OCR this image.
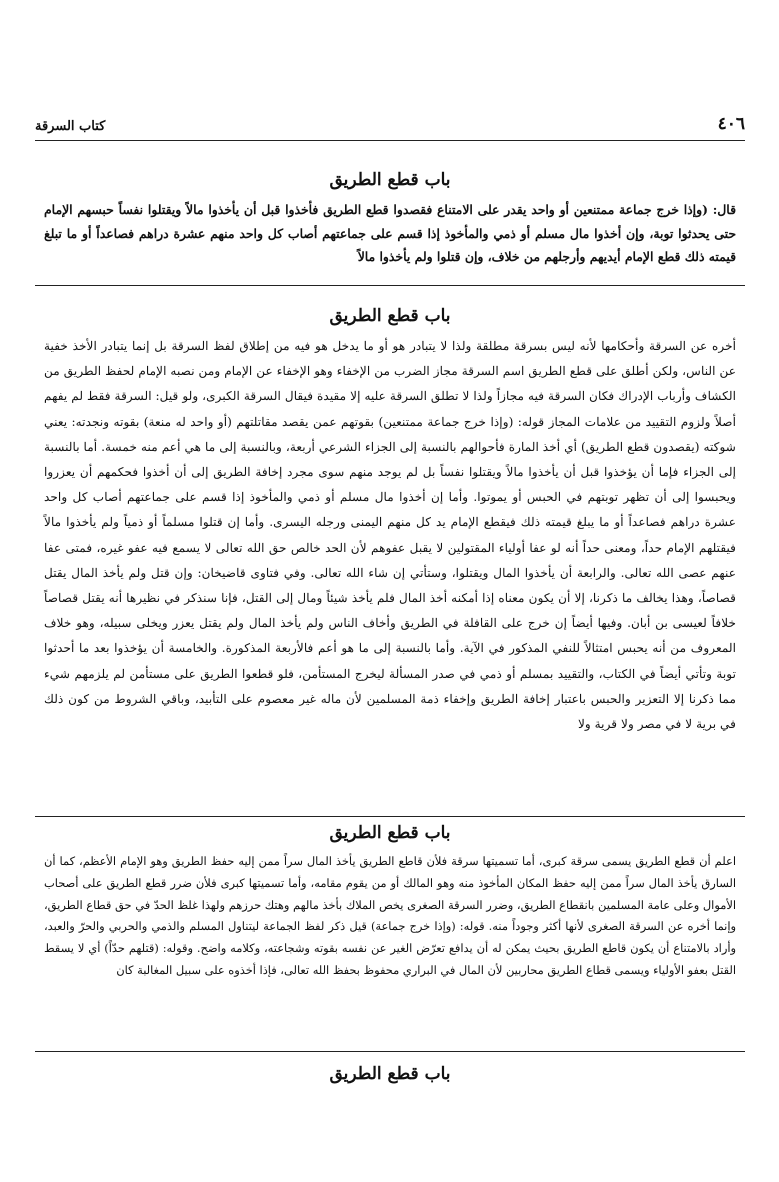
٤٠٦
كتاب السرقة
باب قطع الطريق

قال: (وإذا خرج جماعة ممتنعين أو واحد يقدر على الامتناع فقصدوا قطع الطريق فأخذوا قبل أن يأخذوا مالاً ويقتلوا نفساً حبسهم الإمام حتى يحدثوا توبة، وإن أخذوا مال مسلم أو ذمي والمأخوذ إذا قسم على جماعتهم أصاب كل واحد منهم عشرة دراهم فصاعداً أو ما تبلغ قيمته ذلك قطع الإمام أيديهم وأرجلهم من خلاف، وإن قتلوا ولم يأخذوا مالاً

باب قطع الطريق

أخره عن السرقة وأحكامها لأنه ليس بسرقة مطلقة ولذا لا يتبادر هو أو ما يدخل هو فيه من إطلاق لفظ السرقة بل إنما يتبادر الأخذ خفية عن الناس، ولكن أطلق على قطع الطريق اسم السرقة مجاز الضرب من الإخفاء وهو الإخفاء عن الإمام ومن نصبه الإمام لحفظ الطريق من الكشاف وأرباب الإدراك فكان السرقة فيه مجازاً ولذا لا تطلق السرقة عليه إلا مقيدة فيقال السرقة الكبرى، ولو قيل: السرقة فقط لم يفهم أصلاً ولزوم التقييد من علامات المجاز قوله: (وإذا خرج جماعة ممتنعين) بقوتهم عمن يقصد مقاتلتهم (أو واحد له منعة) بقوته ونجدته: يعني شوكته (يقصدون قطع الطريق) أي أخذ المارة فأحوالهم بالنسبة إلى الجزاء الشرعي أربعة، وبالنسبة إلى ما هي أعم منه خمسة. أما بالنسبة إلى الجزاء فإما أن يؤخذوا قبل أن يأخذوا مالاً ويقتلوا نفساً بل لم يوجد منهم سوى مجرد إخافة الطريق إلى أن أخذوا فحكمهم أن يعزروا ويحبسوا إلى أن تظهر توبتهم في الحبس أو يموتوا. وأما إن أخذوا مال مسلم أو ذمي والمأخوذ إذا قسم على جماعتهم أصاب كل واحد عشرة دراهم فصاعداً أو ما يبلغ قيمته ذلك فيقطع الإمام يد كل منهم اليمنى ورجله اليسرى. وأما إن قتلوا مسلماً أو ذمياً ولم يأخذوا مالاً فيقتلهم الإمام حداً، ومعنى حداً أنه لو عفا أولياء المقتولين لا يقبل عفوهم لأن الحد خالص حق الله تعالى لا يسمع فيه عفو غيره، فمتى عفا عنهم عصى الله تعالى. والرابعة أن يأخذوا المال ويقتلوا، وستأتي إن شاء الله تعالى. وفي فتاوى قاضيخان: وإن قتل ولم يأخذ المال يقتل قصاصاً، وهذا يخالف ما ذكرنا، إلا أن يكون معناه إذا أمكنه أخذ المال فلم يأخذ شيئاً ومال إلى القتل، فإنا سنذكر في نظيرها أنه يقتل قصاصاً خلافاً لعيسى بن أبان. وفيها أيضاً إن خرج على القافلة في الطريق وأخاف الناس ولم يأخذ المال ولم يقتل يعزر ويخلى سبيله، وهو خلاف المعروف من أنه يحبس امتثالاً للنفي المذكور في الآية. وأما بالنسبة إلى ما هو أعم فالأربعة المذكورة. والخامسة أن يؤخذوا بعد ما أحدثوا توبة وتأتي أيضاً في الكتاب، والتقييد بمسلم أو ذمي في صدر المسألة ليخرج المستأمن، فلو قطعوا الطريق على مستأمن لم يلزمهم شيء مما ذكرنا إلا التعزير والحبس باعتبار إخافة الطريق وإخفاء ذمة المسلمين لأن ماله غير معصوم على التأبيد، وباقي الشروط من كون ذلك في برية لا في مصر ولا قرية ولا

باب قطع الطريق

اعلم أن قطع الطريق يسمى سرقة كبرى، أما تسميتها سرقة فلأن قاطع الطريق يأخذ المال سراً ممن إليه حفظ الطريق وهو الإمام الأعظم، كما أن السارق يأخذ المال سراً ممن إليه حفظ المكان المأخوذ منه وهو المالك أو من يقوم مقامه، وأما تسميتها كبرى فلأن ضرر قطع الطريق على أصحاب الأموال وعلى عامة المسلمين بانقطاع الطريق، وضرر السرقة الصغرى يخص الملاك بأخذ مالهم وهتك حرزهم ولهذا غلظ الحدّ في حق قطاع الطريق، وإنما أخره عن السرقة الصغرى لأنها أكثر وجوداً منه. قوله: (وإذا خرج جماعة) قيل ذكر لفظ الجماعة ليتناول المسلم والذمي والحربي والحرّ والعبد، وأراد بالامتناع أن يكون قاطع الطريق بحيث يمكن له أن يدافع تعرّض الغير عن نفسه بقوته وشجاعته، وكلامه واضح. وقوله: (قتلهم حدّاً) أي لا يسقط القتل بعفو الأولياء ويسمى قطاع الطريق محاربين لأن المال في البراري محفوظ بحفظ الله تعالى، فإذا أخذوه على سبيل المغالبة كان

باب قطع الطريق
